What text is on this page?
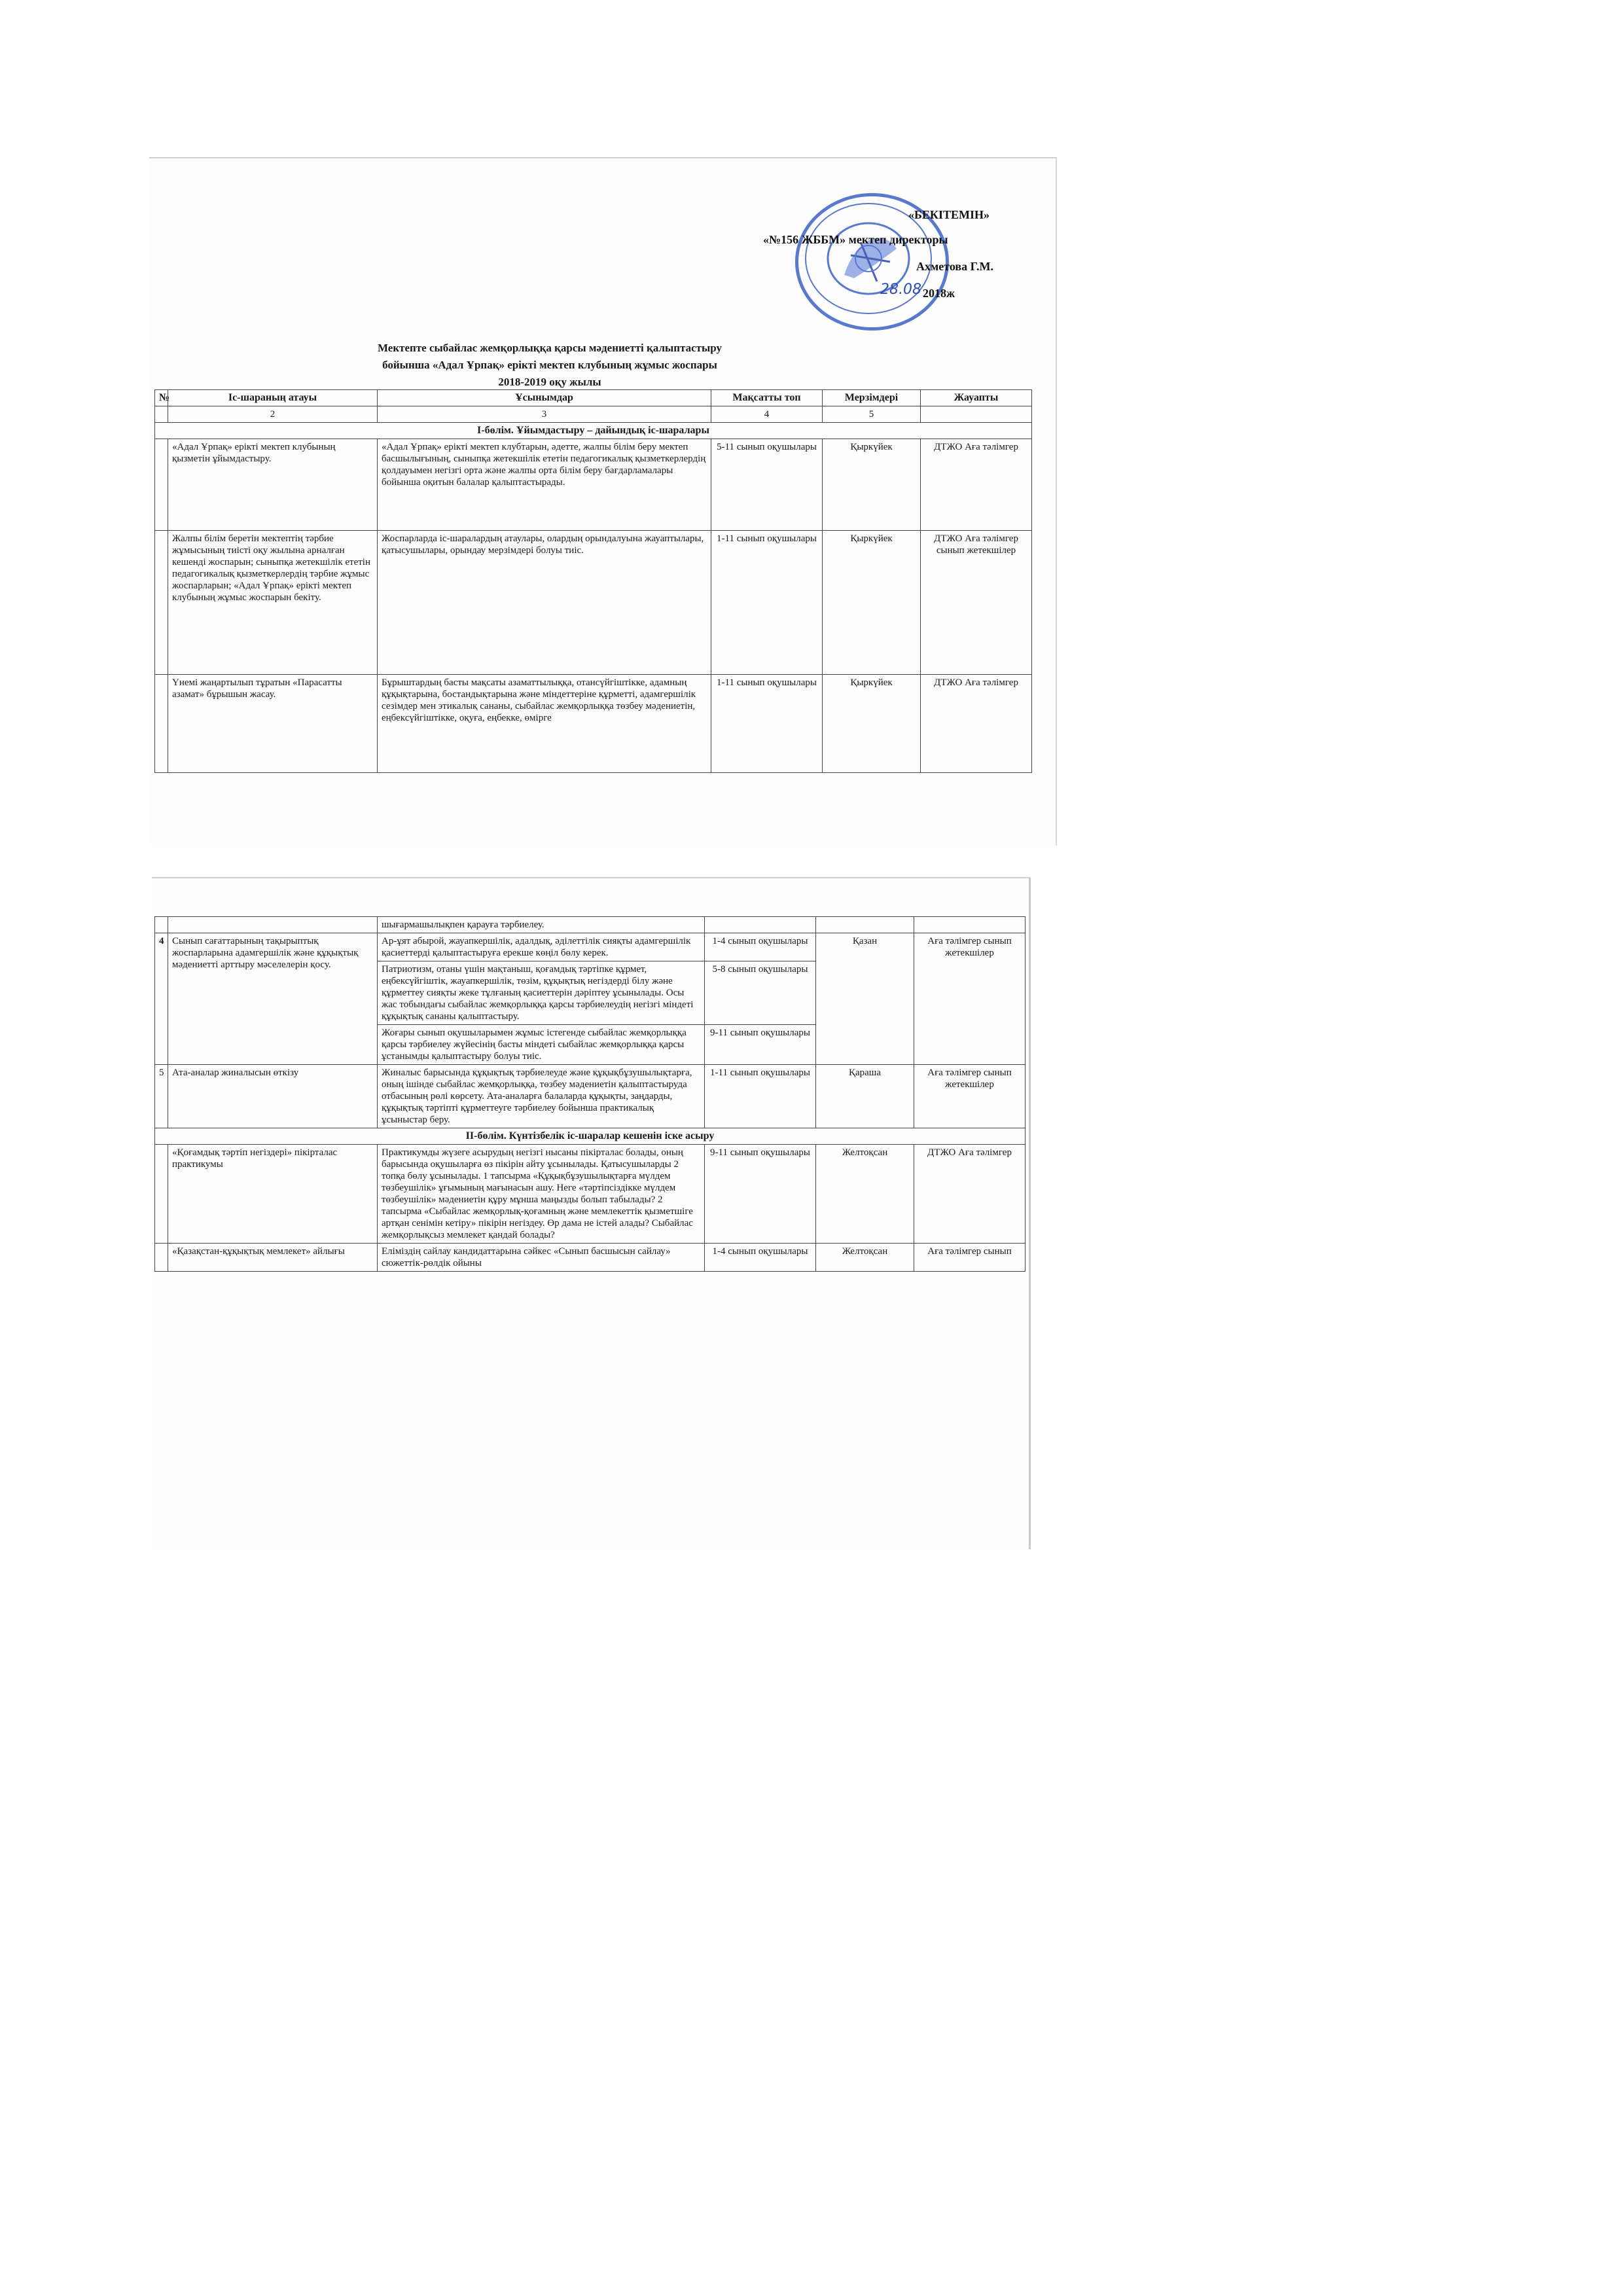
«БЕКІТЕМІН»
«№156 ЖББМ» мектеп директоры
Ахметова Г.М.
28.08 2018ж
Мектепте сыбайлас жемқорлыққа қарсы мәдениетті қалыптастыру
бойынша «Адал Ұрпақ» ерікті мектеп клубының жұмыс жоспары
2018-2019 оқу жылы
№	Іс-шараның атауы	Ұсынымдар	Мақсатты топ	Мерзімдері	Жауапты
	2	3	4	5	
І-бөлім. Ұйымдастыру – дайындық іс-шаралары					
	«Адал Ұрпақ» ерікті мектеп клубының қызметін ұйымдастыру.	«Адал Ұрпақ» ерікті мектеп клубтарын, әдетте, жалпы білім беру мектеп басшылығының, сыныпқа жетекшілік ететін педагогикалық қызметкерлердің қолдауымен негізгі орта және жалпы орта білім беру бағдарламалары бойынша оқитын балалар қалыптастырады.	5-11 сынып оқушылары	Қыркүйек	ДТЖО Аға тәлімгер
	Жалпы білім беретін мектептің тәрбие жұмысының тиісті оқу жылына арналған кешенді жоспарын; сыныпқа жетекшілік ететін педагогикалық қызметкерлердің тәрбие жұмыс жоспарларын; «Адал Ұрпақ» ерікті мектеп клубының жұмыс жоспарын бекіту.	Жоспарларда іс-шаралардың атаулары, олардың орындалуына жауаптылары, қатысушылары, орындау мерзімдері болуы тиіс.	1-11 сынып оқушылары	Қыркүйек	ДТЖО Аға тәлімгер сынып жетекшілер
	Үнемі жаңартылып тұратын «Парасатты азамат» бұрышын жасау.	Бұрыштардың басты мақсаты азаматтылыққа, отансүйгіштікке, адамның құқықтарына, бостандықтарына және міндеттеріне құрметті, адамгершілік сезімдер мен этикалық сананы, сыбайлас жемқорлыққа төзбеу мәдениетін, еңбексүйгіштікке, оқуға, еңбекке, өмірге	1-11 сынып оқушылары	Қыркүйек	ДТЖО Аға тәлімгер
		шығармашылықпен қарауға тәрбиелеу.			
4	Сынып сағаттарының тақырыптық жоспарларына адамгершілік және құқықтық мәдениетті арттыру мәселелерін қосу.	Ар-ұят абырой, жауапкершілік, адалдық, әділеттілік сияқты адамгершілік қасиеттерді қалыптастыруға ерекше көңіл бөлу керек.	1-4 сынып оқушылары	Қазан	Аға тәлімгер сынып жетекшілер
		Патриотизм, отаны үшін мақтаныш, қоғамдық тәртіпке құрмет, еңбексүйгіштік, жауапкершілік, төзім, құқықтық негіздерді білу және құрметтеу сияқты жеке тұлғаның қасиеттерін дәріптеу ұсынылады. Осы жас тобындағы сыбайлас жемқорлыққа қарсы тәрбиелеудің негізгі міндеті құқықтық сананы қалыптастыру.	5-8 сынып оқушылары		
		Жоғары сынып оқушыларымен жұмыс істегенде сыбайлас жемқорлыққа қарсы тәрбиелеу жүйесінің басты міндеті сыбайлас жемқорлыққа қарсы ұстанымды қалыптастыру болуы тиіс.	9-11 сынып оқушылары		
5	Ата-аналар жиналысын өткізу	Жиналыс барысында құқықтық тәрбиелеуде және құқықбұзушылықтарға, оның ішінде сыбайлас жемқорлыққа, төзбеу мәдениетін қалыптастыруда отбасының рөлі көрсету. Ата-аналарға балаларда құқықты, заңдарды, құқықтық тәртіпті құрметтеуге тәрбиелеу бойынша практикалық ұсыныстар беру.	1-11 сынып оқушылары	Қараша	Аға тәлімгер сынып жетекшілер
ІІ-бөлім. Күнтізбелік іс-шаралар кешенін іске асыру					
	«Қоғамдық тәртіп негіздері» пікірталас практикумы	Практикумды жүзеге асырудың негізгі нысаны пікірталас болады, оның барысында оқушыларға өз пікірін айту ұсынылады. Қатысушыларды 2 топқа бөлу ұсынылады. 1 тапсырма «Құқықбұзушылықтарға мүлдем төзбеушілік» ұғымының мағынасын ашу. Неге «тәртіпсіздікке мүлдем төзбеушілік» мәдениетін құру мұнша маңызды болып табылады? 2 тапсырма «Сыбайлас жемқорлық-қоғамның және мемлекеттік қызметшіге артқан сенімін кетіру» пікірін негіздеу. Өр дама не істей алады? Сыбайлас жемқорлықсыз мемлекет қандай болады?	9-11 сынып оқушылары	Желтоқсан	ДТЖО Аға тәлімгер
	«Қазақстан-құқықтық мемлекет» айлығы	Еліміздің сайлау кандидаттарына сәйкес «Сынып басшысын сайлау» сюжеттік-рөлдік ойыны	1-4 сынып оқушылары	Желтоқсан	Аға тәлімгер сынып
